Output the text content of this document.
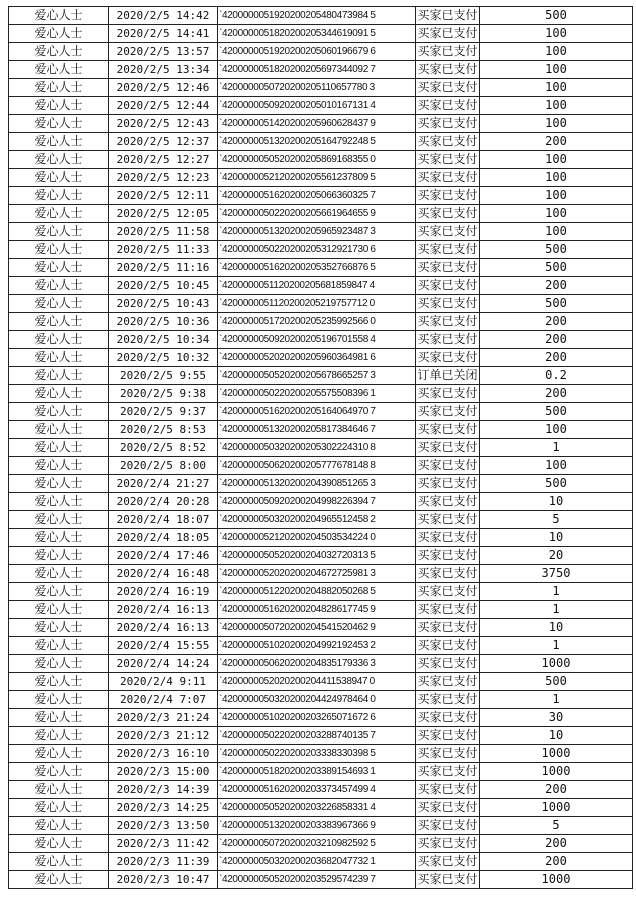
爱心人士	2020/2/5 14:42	`4200000051920200205480473984 5	买家已支付	500
爱心人士	2020/2/5 14:41	`4200000051820200205344619091 5	买家已支付	100
爱心人士	2020/2/5 13:57	`4200000051920200205060196679 6	买家已支付	100
爱心人士	2020/2/5 13:34	`4200000051820200205697344092 7	买家已支付	100
爱心人士	2020/2/5 12:46	`4200000050720200205110657780 3	买家已支付	100
爱心人士	2020/2/5 12:44	`4200000050920200205010167131 4	买家已支付	100
爱心人士	2020/2/5 12:43	`4200000051420200205960628437 9	买家已支付	100
爱心人士	2020/2/5 12:37	`4200000051320200205164792248 5	买家已支付	200
爱心人士	2020/2/5 12:27	`4200000050520200205869168355 0	买家已支付	100
爱心人士	2020/2/5 12:23	`4200000052120200205561237809 5	买家已支付	100
爱心人士	2020/2/5 12:11	`4200000051620200205066360325 7	买家已支付	100
爱心人士	2020/2/5 12:05	`4200000050220200205661964655 9	买家已支付	100
爱心人士	2020/2/5 11:58	`4200000051320200205965923487 3	买家已支付	100
爱心人士	2020/2/5 11:33	`4200000050220200205312921730 6	买家已支付	500
爱心人士	2020/2/5 11:16	`4200000051620200205352766876 5	买家已支付	500
爱心人士	2020/2/5 10:45	`4200000051120200205681859847 4	买家已支付	200
爱心人士	2020/2/5 10:43	`4200000051120200205219757712 0	买家已支付	500
爱心人士	2020/2/5 10:36	`4200000051720200205235992566 0	买家已支付	200
爱心人士	2020/2/5 10:34	`4200000050920200205196701558 4	买家已支付	200
爱心人士	2020/2/5 10:32	`4200000052020200205960364981 6	买家已支付	200
爱心人士	2020/2/5 9:55	`4200000050520200205678665257 3	订单已关闭	0.2
爱心人士	2020/2/5 9:38	`4200000050220200205575508396 1	买家已支付	200
爱心人士	2020/2/5 9:37	`4200000051620200205164064970 7	买家已支付	500
爱心人士	2020/2/5 8:53	`4200000051320200205817384646 7	买家已支付	100
爱心人士	2020/2/5 8:52	`4200000050320200205302224310 8	买家已支付	1
爱心人士	2020/2/5 8:00	`4200000050620200205777678148 8	买家已支付	100
爱心人士	2020/2/4 21:27	`4200000051320200204390851265 3	买家已支付	500
爱心人士	2020/2/4 20:28	`4200000050920200204998226394 7	买家已支付	10
爱心人士	2020/2/4 18:07	`4200000050320200204965512458 2	买家已支付	5
爱心人士	2020/2/4 18:05	`4200000052120200204503534224 0	买家已支付	10
爱心人士	2020/2/4 17:46	`4200000050520200204032720313 5	买家已支付	20
爱心人士	2020/2/4 16:48	`4200000052020200204672725981 3	买家已支付	3750
爱心人士	2020/2/4 16:19	`4200000051220200204882050268 5	买家已支付	1
爱心人士	2020/2/4 16:13	`4200000051620200204828617745 9	买家已支付	1
爱心人士	2020/2/4 16:13	`4200000050720200204541520462 9	买家已支付	10
爱心人士	2020/2/4 15:55	`4200000051020200204992192453 2	买家已支付	1
爱心人士	2020/2/4 14:24	`4200000050620200204835179336 3	买家已支付	1000
爱心人士	2020/2/4 9:11	`4200000052020200204411538947 0	买家已支付	500
爱心人士	2020/2/4 7:07	`4200000050320200204424978464 0	买家已支付	1
爱心人士	2020/2/3 21:24	`4200000051020200203265071672 6	买家已支付	30
爱心人士	2020/2/3 21:12	`4200000050220200203288740135 7	买家已支付	10
爱心人士	2020/2/3 16:10	`4200000050220200203338330398 5	买家已支付	1000
爱心人士	2020/2/3 15:00	`4200000051820200203389154693 1	买家已支付	1000
爱心人士	2020/2/3 14:39	`4200000051620200203373457499 4	买家已支付	200
爱心人士	2020/2/3 14:25	`4200000050520200203226858331 4	买家已支付	1000
爱心人士	2020/2/3 13:50	`4200000051320200203383967366 9	买家已支付	5
爱心人士	2020/2/3 11:42	`4200000050720200203210982592 5	买家已支付	200
爱心人士	2020/2/3 11:39	`4200000050320200203682047732 1	买家已支付	200
爱心人士	2020/2/3 10:47	`4200000050520200203529574239 7	买家已支付	1000
